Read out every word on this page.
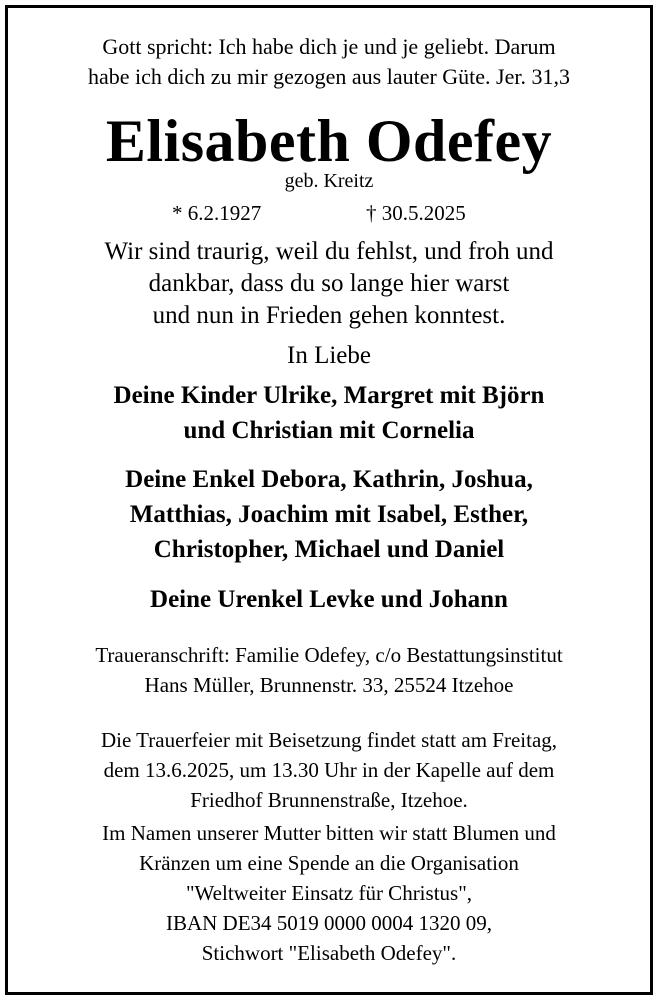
Gott spricht: Ich habe dich je und je geliebt. Darum
habe ich dich zu mir gezogen aus lauter Güte. Jer. 31,3
Elisabeth Odefey
geb. Kreitz
* 6.2.1927	† 30.5.2025
Wir sind traurig, weil du fehlst, und froh und
dankbar, dass du so lange hier warst
und nun in Frieden gehen konntest.
In Liebe
Deine Kinder Ulrike, Margret mit Björn
und Christian mit Cornelia
Deine Enkel Debora, Kathrin, Joshua,
Matthias, Joachim mit Isabel, Esther,
Christopher, Michael und Daniel
Deine Urenkel Levke und Johann
Traueranschrift: Familie Odefey, c/o Bestattungsinstitut
Hans Müller, Brunnenstr. 33, 25524 Itzehoe
Die Trauerfeier mit Beisetzung findet statt am Freitag,
dem 13.6.2025, um 13.30 Uhr in der Kapelle auf dem
Friedhof Brunnenstraße, Itzehoe.
Im Namen unserer Mutter bitten wir statt Blumen und
Kränzen um eine Spende an die Organisation
"Weltweiter Einsatz für Christus",
IBAN DE34 5019 0000 0004 1320 09,
Stichwort "Elisabeth Odefey".
